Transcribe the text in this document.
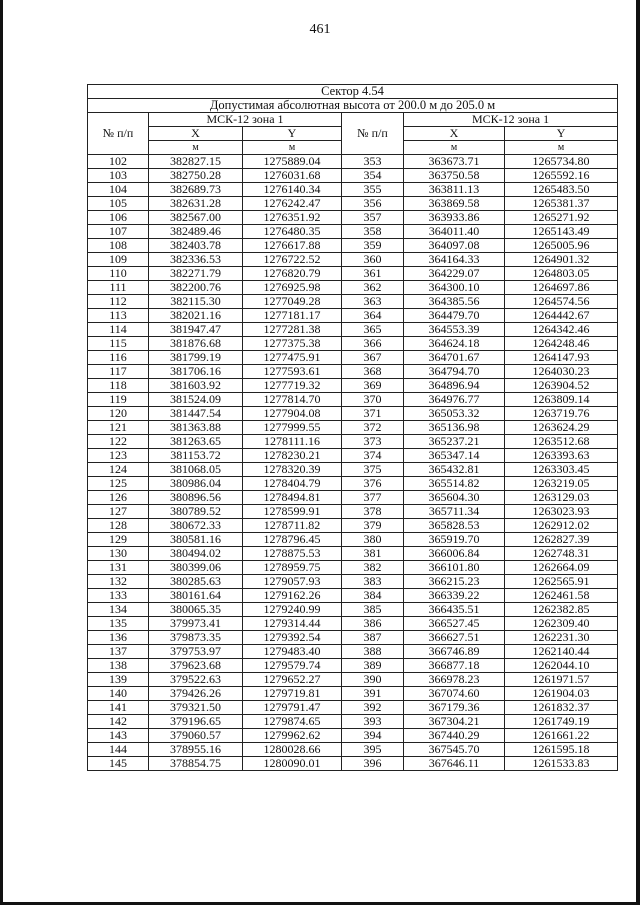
461
Сектор 4.54					
Допустимая абсолютная высота от 200.0 м до 205.0 м					
№ п/п	МСК-12 зона 1		№ п/п	МСК-12 зона 1	
	X	Y		X	Y
	м	м		м	м
102	382827.15	1275889.04	353	363673.71	1265734.80
103	382750.28	1276031.68	354	363750.58	1265592.16
104	382689.73	1276140.34	355	363811.13	1265483.50
105	382631.28	1276242.47	356	363869.58	1265381.37
106	382567.00	1276351.92	357	363933.86	1265271.92
107	382489.46	1276480.35	358	364011.40	1265143.49
108	382403.78	1276617.88	359	364097.08	1265005.96
109	382336.53	1276722.52	360	364164.33	1264901.32
110	382271.79	1276820.79	361	364229.07	1264803.05
111	382200.76	1276925.98	362	364300.10	1264697.86
112	382115.30	1277049.28	363	364385.56	1264574.56
113	382021.16	1277181.17	364	364479.70	1264442.67
114	381947.47	1277281.38	365	364553.39	1264342.46
115	381876.68	1277375.38	366	364624.18	1264248.46
116	381799.19	1277475.91	367	364701.67	1264147.93
117	381706.16	1277593.61	368	364794.70	1264030.23
118	381603.92	1277719.32	369	364896.94	1263904.52
119	381524.09	1277814.70	370	364976.77	1263809.14
120	381447.54	1277904.08	371	365053.32	1263719.76
121	381363.88	1277999.55	372	365136.98	1263624.29
122	381263.65	1278111.16	373	365237.21	1263512.68
123	381153.72	1278230.21	374	365347.14	1263393.63
124	381068.05	1278320.39	375	365432.81	1263303.45
125	380986.04	1278404.79	376	365514.82	1263219.05
126	380896.56	1278494.81	377	365604.30	1263129.03
127	380789.52	1278599.91	378	365711.34	1263023.93
128	380672.33	1278711.82	379	365828.53	1262912.02
129	380581.16	1278796.45	380	365919.70	1262827.39
130	380494.02	1278875.53	381	366006.84	1262748.31
131	380399.06	1278959.75	382	366101.80	1262664.09
132	380285.63	1279057.93	383	366215.23	1262565.91
133	380161.64	1279162.26	384	366339.22	1262461.58
134	380065.35	1279240.99	385	366435.51	1262382.85
135	379973.41	1279314.44	386	366527.45	1262309.40
136	379873.35	1279392.54	387	366627.51	1262231.30
137	379753.97	1279483.40	388	366746.89	1262140.44
138	379623.68	1279579.74	389	366877.18	1262044.10
139	379522.63	1279652.27	390	366978.23	1261971.57
140	379426.26	1279719.81	391	367074.60	1261904.03
141	379321.50	1279791.47	392	367179.36	1261832.37
142	379196.65	1279874.65	393	367304.21	1261749.19
143	379060.57	1279962.62	394	367440.29	1261661.22
144	378955.16	1280028.66	395	367545.70	1261595.18
145	378854.75	1280090.01	396	367646.11	1261533.83
